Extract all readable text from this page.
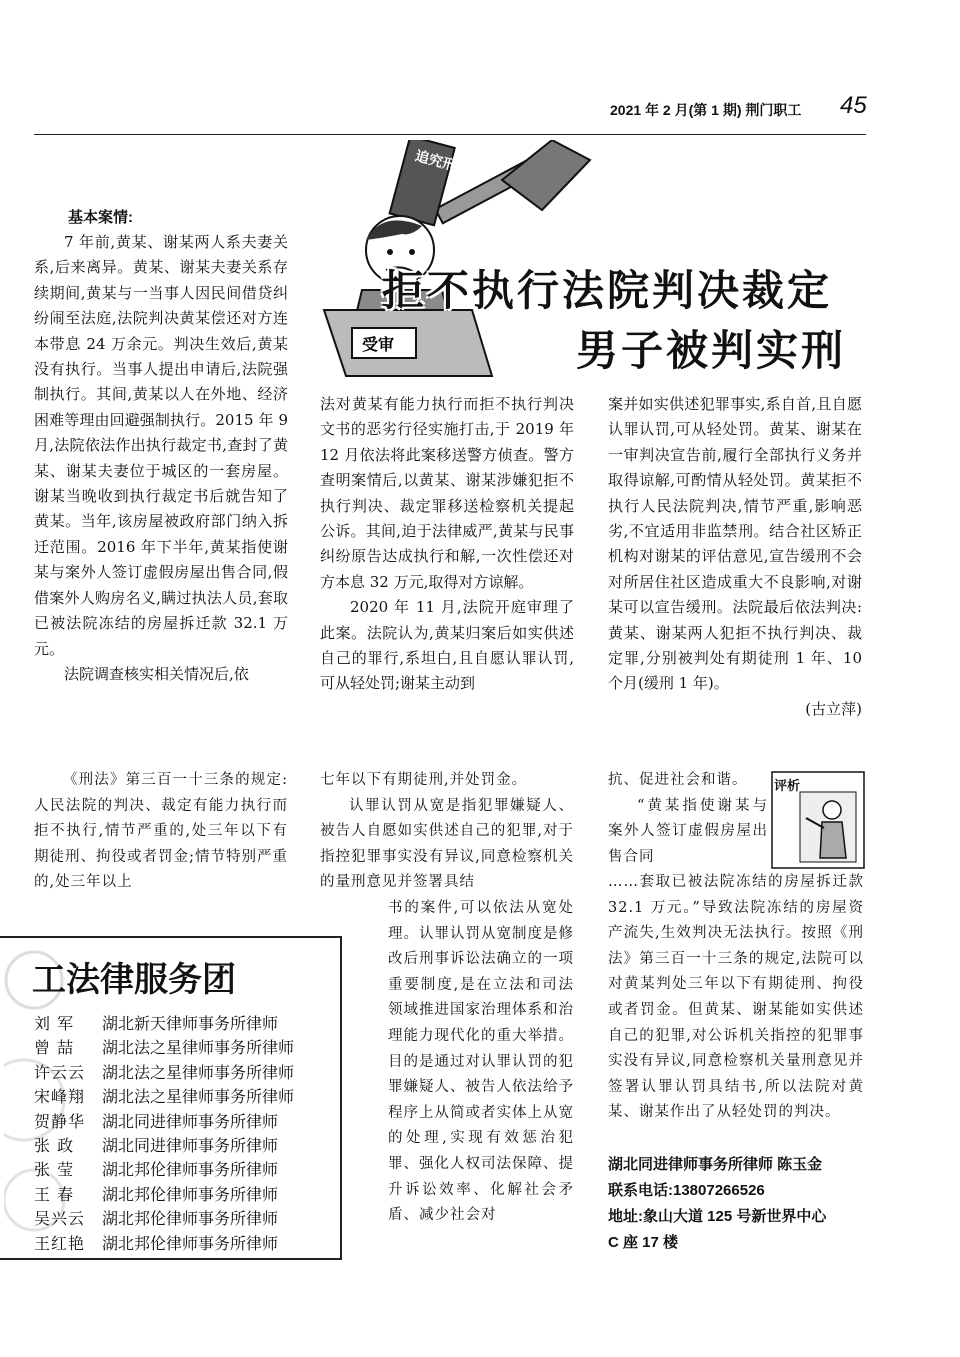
2021 年 2 月(第 1 期) 荆门职工 45
追究刑责
受审
拒不执行法院判决裁定
男子被判实刑
基本案情:

7 年前,黄某、谢某两人系夫妻关系,后来离异。黄某、谢某夫妻关系存续期间,黄某与一当事人因民间借贷纠纷闹至法庭,法院判决黄某偿还对方连本带息 24 万余元。判决生效后,黄某没有执行。当事人提出申请后,法院强制执行。其间,黄某以人在外地、经济困难等理由回避强制执行。2015 年 9 月,法院依法作出执行裁定书,查封了黄某、谢某夫妻位于城区的一套房屋。谢某当晚收到执行裁定书后就告知了黄某。当年,该房屋被政府部门纳入拆迁范围。2016 年下半年,黄某指使谢某与案外人签订虚假房屋出售合同,假借案外人购房名义,瞒过执法人员,套取已被法院冻结的房屋拆迁款 32.1 万元。

法院调查核实相关情况后,依

法对黄某有能力执行而拒不执行判决文书的恶劣行径实施打击,于 2019 年 12 月依法将此案移送警方侦查。警方查明案情后,以黄某、谢某涉嫌犯拒不执行判决、裁定罪移送检察机关提起公诉。其间,迫于法律威严,黄某与民事纠纷原告达成执行和解,一次性偿还对方本息 32 万元,取得对方谅解。

2020 年 11 月,法院开庭审理了此案。法院认为,黄某归案后如实供述自己的罪行,系坦白,且自愿认罪认罚,可从轻处罚;谢某主动到

案并如实供述犯罪事实,系自首,且自愿认罪认罚,可从轻处罚。黄某、谢某在一审判决宣告前,履行全部执行义务并取得谅解,可酌情从轻处罚。黄某拒不执行人民法院判决,情节严重,影响恶劣,不宜适用非监禁刑。结合社区矫正机构对谢某的评估意见,宣告缓刑不会对所居住社区造成重大不良影响,对谢某可以宣告缓刑。法院最后依法判决:黄某、谢某两人犯拒不执行判决、裁定罪,分别被判处有期徒刑 1 年、10 个月(缓刑 1 年)。

(古立萍)

《刑法》第三百一十三条的规定:人民法院的判决、裁定有能力执行而拒不执行,情节严重的,处三年以下有期徒刑、拘役或者罚金;情节特别严重的,处三年以上

七年以下有期徒刑,并处罚金。

认罪认罚从宽是指犯罪嫌疑人、被告人自愿如实供述自己的犯罪,对于指控犯罪事实没有异议,同意检察机关的量刑意见并签署具结

书的案件,可以依法从宽处理。认罪认罚从宽制度是修改后刑事诉讼法确立的一项重要制度,是在立法和司法领域推进国家治理体系和治理能力现代化的重大举措。目的是通过对认罪认罚的犯罪嫌疑人、被告人依法给予程序上从简或者实体上从宽的处理,实现有效惩治犯罪、强化人权司法保障、提升诉讼效率、化解社会矛盾、减少社会对

评析

抗、促进社会和谐。

“黄某指使谢某与案外人签订虚假房屋出售合同

……套取已被法院冻结的房屋拆迁款 32.1 万元。”导致法院冻结的房屋资产流失,生效判决无法执行。按照《刑法》第三百一十三条的规定,法院可以对黄某判处三年以下有期徒刑、拘役或者罚金。但黄某、谢某能如实供述自己的犯罪,对公诉机关指控的犯罪事实没有异议,同意检察机关量刑意见并签署认罪认罚具结书,所以法院对黄某、谢某作出了从轻处罚的判决。

湖北同进律师事务所律师 陈玉金
联系电话:13807266526
地址:象山大道 125 号新世界中心
C 座 17 楼
工法律服务团
刘 军 湖北新天律师事务所律师
曾 喆 湖北法之星律师事务所律师
许云云 湖北法之星律师事务所律师
宋峰翔 湖北法之星律师事务所律师
贺静华 湖北同进律师事务所律师
张 政 湖北同进律师事务所律师
张 莹 湖北邦伦律师事务所律师
王 春 湖北邦伦律师事务所律师
吴兴云 湖北邦伦律师事务所律师
王红艳 湖北邦伦律师事务所律师
